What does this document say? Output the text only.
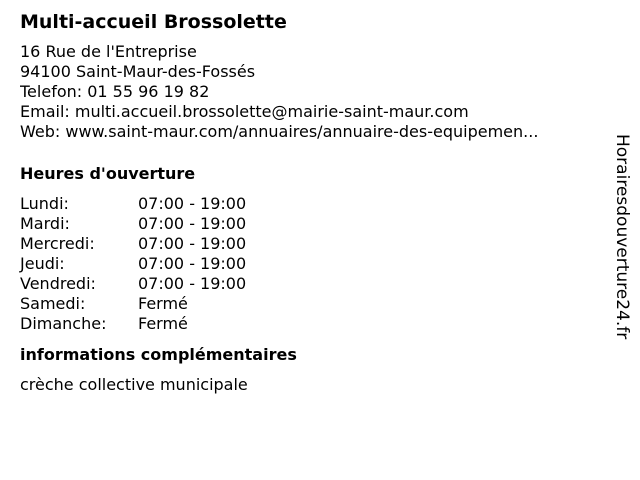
Multi-accueil Brossolette
16 Rue de l'Entreprise
94100 Saint-Maur-des-Fossés
Telefon: 01 55 96 19 82
Email: multi.accueil.brossolette@mairie-saint-maur.com
Web: www.saint-maur.com/annuaires/annuaire-des-equipemen...
Heures d'ouverture
Lundi:	07:00 - 19:00
Mardi:	07:00 - 19:00
Mercredi:	07:00 - 19:00
Jeudi:	07:00 - 19:00
Vendredi:	07:00 - 19:00
Samedi:	Fermé
Dimanche:	Fermé
informations complémentaires
crèche collective municipale
Horairesdouverture24.fr
